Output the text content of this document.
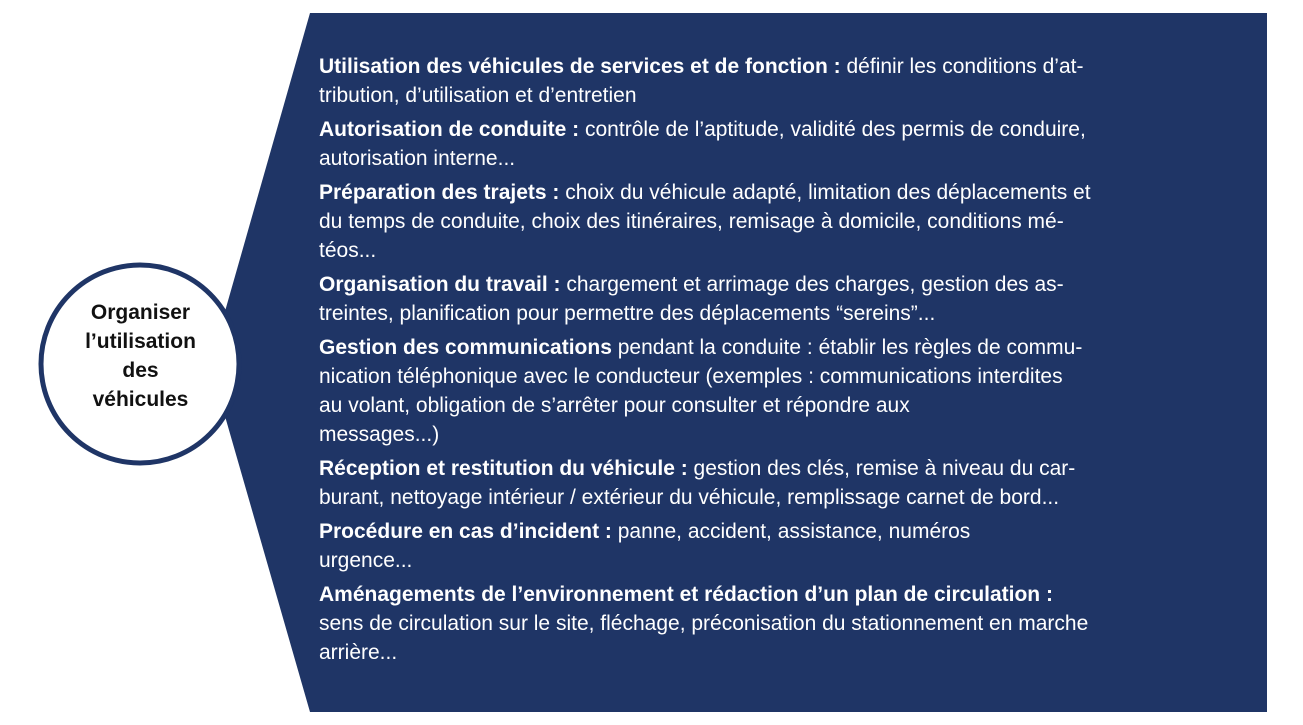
Organiser
l’utilisation
des
véhicules

Utilisation des véhicules de services et de fonction : définir les conditions d’at-
tribution, d’utilisation et d’entretien

Autorisation de conduite : contrôle de l’aptitude, validité des permis de conduire,
autorisation interne...

Préparation des trajets : choix du véhicule adapté, limitation des déplacements et
du temps de conduite, choix des itinéraires, remisage à domicile, conditions mé-
téos...

Organisation du travail : chargement et arrimage des charges, gestion des as-
treintes, planification pour permettre des déplacements “sereins”...

Gestion des communications pendant la conduite : établir les règles de commu-
nication téléphonique avec le conducteur (exemples : communications interdites
au volant, obligation de s’arrêter pour consulter et répondre aux
messages...)

Réception et restitution du véhicule : gestion des clés, remise à niveau du car-
burant, nettoyage intérieur / extérieur du véhicule, remplissage carnet de bord...

Procédure en cas d’incident : panne, accident, assistance, numéros
urgence...

Aménagements de l’environnement et rédaction d’un plan de circulation :
sens de circulation sur le site, fléchage, préconisation du stationnement en marche
arrière...
